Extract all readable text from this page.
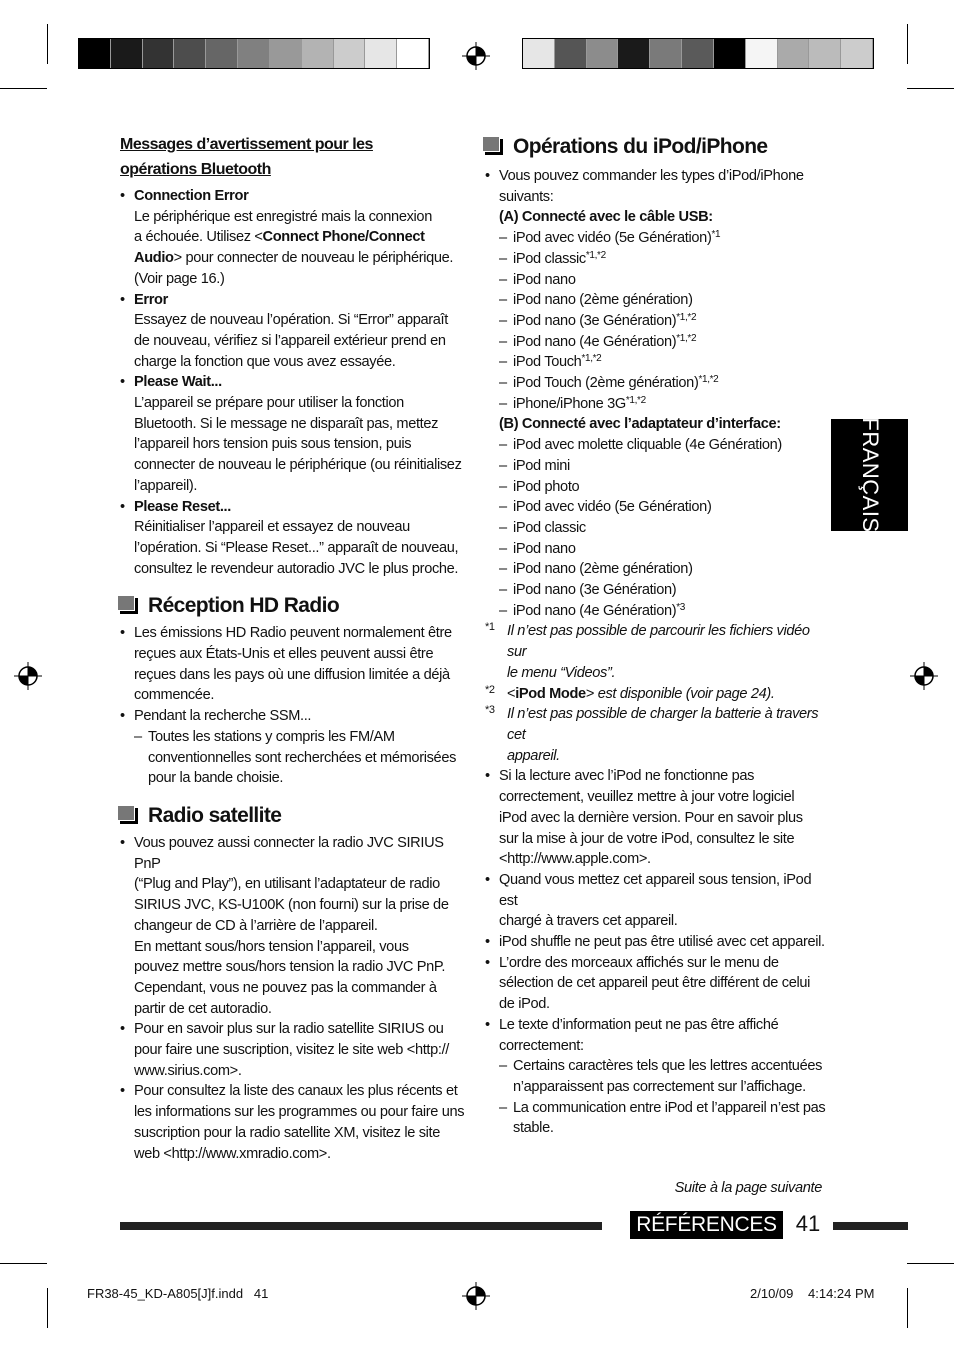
Messages d’avertissement pour les

opérations Bluetooth

• Connection Error

Le périphérique est enregistré mais la connexion

a échouée. Utilisez <Connect Phone/Connect

Audio> pour connecter de nouveau le périphérique.

(Voir page 16.)

• Error

Essayez de nouveau l’opération. Si “Error” apparaît

de nouveau, vérifiez si l’appareil extérieur prend en

charge la fonction que vous avez essayée.

• Please Wait...

L’appareil se prépare pour utiliser la fonction

Bluetooth. Si le message ne disparaît pas, mettez

l’appareil hors tension puis sous tension, puis

connecter de nouveau le périphérique (ou réinitialisez

l’appareil).

• Please Reset...

Réinitialiser l’appareil et essayez de nouveau

l’opération. Si “Please Reset...” apparaît de nouveau,

consultez le revendeur autoradio JVC le plus proche.

Réception HD Radio

• Les émissions HD Radio peuvent normalement être

reçues aux États-Unis et elles peuvent aussi être

reçues dans les pays où une diffusion limitée a déjà

commencée.

• Pendant la recherche SSM...

– Toutes les stations y compris les FM/AM

conventionnelles sont recherchées et mémorisées

pour la bande choisie.

Radio satellite

• Vous pouvez aussi connecter la radio JVC SIRIUS PnP

(“Plug and Play”), en utilisant l’adaptateur de radio

SIRIUS JVC, KS-U100K (non fourni) sur la prise de

changeur de CD à l’arrière de l’appareil.

En mettant sous/hors tension l’appareil, vous

pouvez mettre sous/hors tension la radio JVC PnP.

Cependant, vous ne pouvez pas la commander à

partir de cet autoradio.

• Pour en savoir plus sur la radio satellite SIRIUS ou

pour faire une suscription, visitez le site web <http://

www.sirius.com>.

• Pour consultez la liste des canaux les plus récents et

les informations sur les programmes ou pour faire uns

suscription pour la radio satellite XM, visitez le site

web <http://www.xmradio.com>.

Opérations du iPod/iPhone

• Vous pouvez commander les types d’iPod/iPhone

suivants:

(A) Connecté avec le câble USB:

– iPod avec vidéo (5e Génération)$^{*1}$

– iPod classic$^{*1,*2}$

– iPod nano

– iPod nano (2ème génération)

– iPod nano (3e Génération)$^{*1,*2}$

– iPod nano (4e Génération)$^{*1,*2}$

– iPod Touch$^{*1,*2}$

– iPod Touch (2ème génération)$^{*1,*2}$

– iPhone/iPhone $3G^{*1,*2}$

(B) Connecté avec l’adaptateur d’interface:

– iPod avec molette cliquable (4e Génération)

– iPod mini

– iPod photo

– iPod avec vidéo (5e Génération)

– iPod classic

– iPod nano

– iPod nano (2ème génération)

– iPod nano (3e Génération)

– iPod nano (4e Génération)$^{*3}$

*1 Il n’est pas possible de parcourir les fichiers vidéo sur

le menu “Videos”.

*2 <iPod Mode> est disponible (voir page 24).

*3 Il n’est pas possible de charger la batterie à travers cet

appareil.

• Si la lecture avec l’iPod ne fonctionne pas

correctement, veuillez mettre à jour votre logiciel

iPod avec la dernière version. Pour en savoir plus

sur la mise à jour de votre iPod, consultez le site

<http://www.apple.com>.

• Quand vous mettez cet appareil sous tension, iPod est

chargé à travers cet appareil.

• iPod shuffle ne peut pas être utilisé avec cet appareil.

• L’ordre des morceaux affichés sur le menu de

sélection de cet appareil peut être différent de celui

de iPod.

• Le texte d’information peut ne pas être affiché

correctement:

– Certains caractères tels que les lettres accentuées

n’apparaissent pas correctement sur l’affichage.

– La communication entre iPod et l’appareil n’est pas

stable.

FRANÇAIS
Suite à la page suivante
RÉFÉRENCES 41
FR38-45_KD-A805[J]f.indd   41	2/10/09 4:14:24 PM
